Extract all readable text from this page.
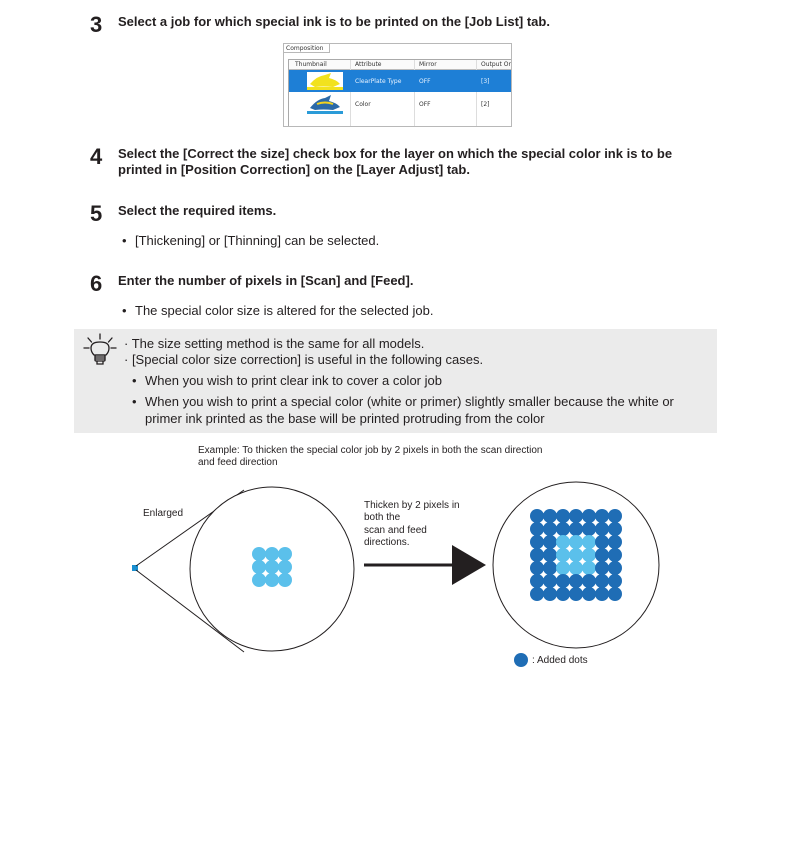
3 Select a job for which special ink is to be printed on the [Job List] tab.
Composition
Thumbnail	Attribute	Mirror	Output Or
ClearPlate Type	OFF	[3]
Color	OFF	[2]
4 Select the [Correct the size] check box for the layer on which the special color ink is to be
printed in [Position Correction] on the [Layer Adjust] tab.
5 Select the required items.
• [Thickening] or [Thinning] can be selected.
6 Enter the number of pixels in [Scan] and [Feed].
• The special color size is altered for the selected job.
· The size setting method is the same for all models.
· [Special color size correction] is useful in the following cases.
• When you wish to print clear ink to cover a color job
• When you wish to print a special color (white or primer) slightly smaller because the white or
primer ink printed as the base will be printed protruding from the color
Example: To thicken the special color job by 2 pixels in both the scan direction
and feed direction
Enlarged
Thicken by 2 pixels in
both the
scan and feed
directions.
: Added dots
